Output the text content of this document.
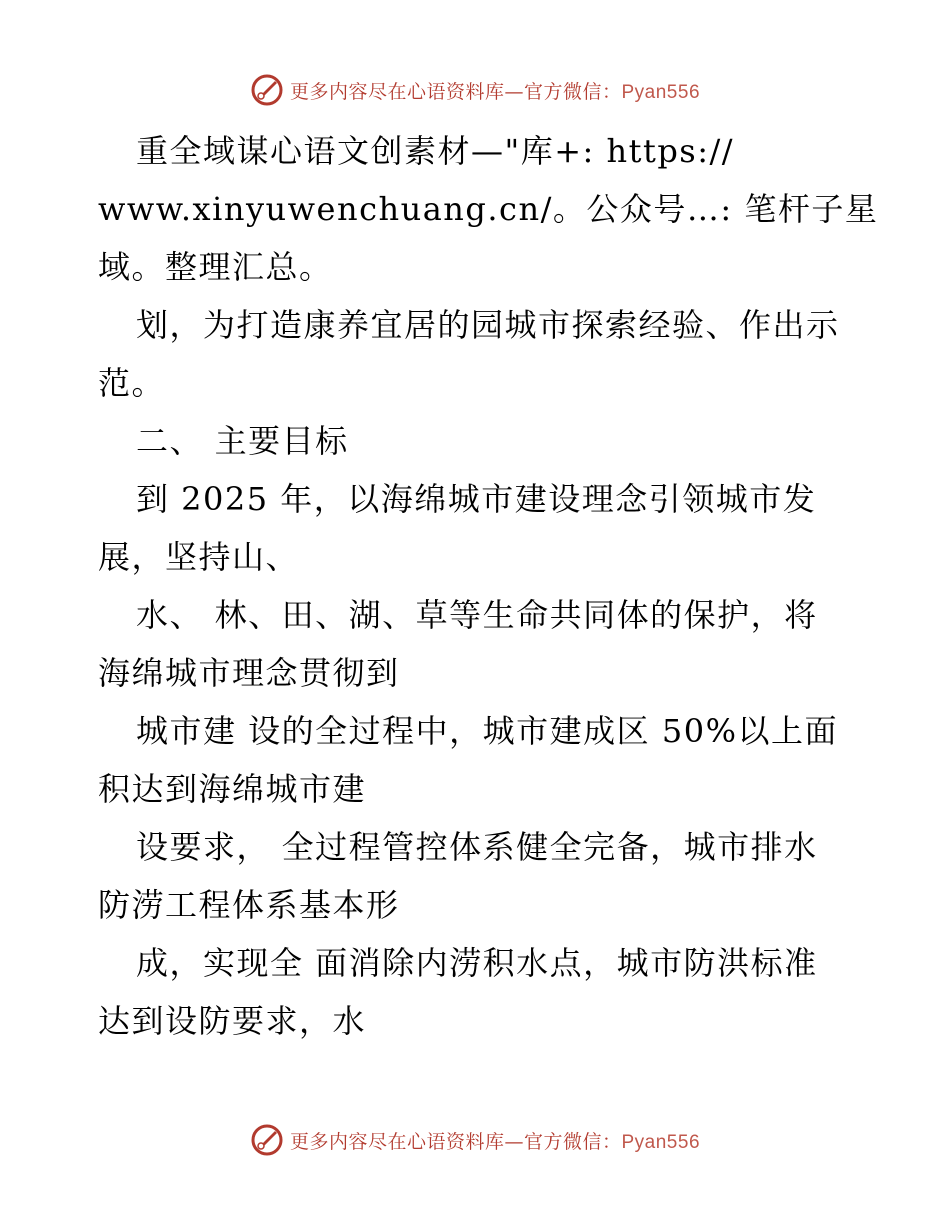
更多内容尽在心语资料库—官方微信：Pyan556
重全域谋心语文创素材—"库+: https://
www.xinyuwenchuang.cn/。公众号…: 笔杆子星
域。整理汇总。
划，为打造康养宜居的园城市探索经验、作出示
范。
二、 主要目标
到 2025 年，以海绵城市建设理念引领城市发
展，坚持山、
水、 林、田、湖、草等生命共同体的保护，将
海绵城市理念贯彻到
城市建 设的全过程中，城市建成区 50%以上面
积达到海绵城市建
设要求， 全过程管控体系健全完备，城市排水
防涝工程体系基本形
成，实现全 面消除内涝积水点，城市防洪标准
达到设防要求，水
更多内容尽在心语资料库—官方微信：Pyan556
